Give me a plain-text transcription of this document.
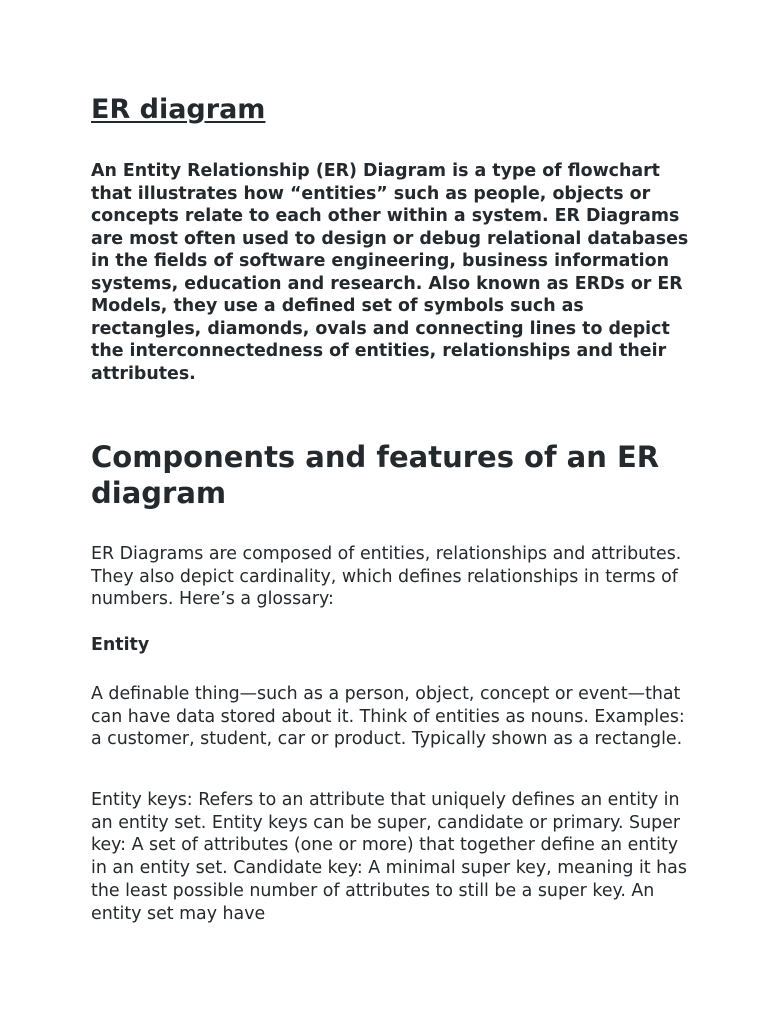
ER diagram

An Entity Relationship (ER) Diagram is a type of flowchart that illustrates how “entities” such as people, objects or concepts relate to each other within a system. ER Diagrams are most often used to design or debug relational databases in the fields of software engineering, business information systems, education and research. Also known as ERDs or ER Models, they use a defined set of symbols such as rectangles, diamonds, ovals and connecting lines to depict the interconnectedness of entities, relationships and their attributes.

Components and features of an ER diagram

ER Diagrams are composed of entities, relationships and attributes. They also depict cardinality, which defines relationships in terms of numbers. Here’s a glossary:

Entity

A definable thing—such as a person, object, concept or event—that can have data stored about it. Think of entities as nouns. Examples: a customer, student, car or product. Typically shown as a rectangle.

Entity keys: Refers to an attribute that uniquely defines an entity in an entity set. Entity keys can be super, candidate or primary. Super key: A set of attributes (one or more) that together define an entity in an entity set. Candidate key: A minimal super key, meaning it has the least possible number of attributes to still be a super key. An entity set may have
